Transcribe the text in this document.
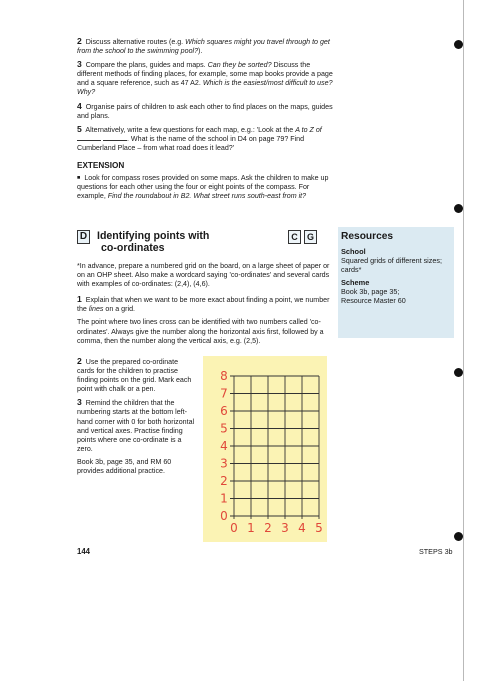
2 Discuss alternative routes (e.g. Which squares might you travel through to get from the school to the swimming pool?).
3 Compare the plans, guides and maps. Can they be sorted? Discuss the different methods of finding places, for example, some map books provide a page and a square reference, such as 47 A2. Which is the easiest/most difficult to use? Why?
4 Organise pairs of children to ask each other to find places on the maps, guides and plans.
5 Alternatively, write a few questions for each map, e.g.: 'Look at the A to Z of  . What is the name of the school in D4 on page 79? Find Cumberland Place – from what road does it lead?'
EXTENSION
■ Look for compass roses provided on some maps. Ask the children to make up questions for each other using the four or eight points of the compass. For example, Find the roundabout in B2. What street runs south-east from it?
D Identifying points with
co-ordinates
C	G
*In advance, prepare a numbered grid on the board, on a large sheet of paper or on an OHP sheet. Also make a wordcard saying 'co-ordinates' and several cards with examples of co-ordinates: (2,4), (4,6).
1 Explain that when we want to be more exact about finding a point, we number the lines on a grid.
The point where two lines cross can be identified with two numbers called 'co-ordinates'. Always give the number along the horizontal axis first, followed by a comma, then the number along the vertical axis, e.g. (2,5).
2 Use the prepared co-ordinate cards for the children to practise finding points on the grid. Mark each point with chalk or a pen.
3 Remind the children that the numbering starts at the bottom left-hand corner with 0 for both horizontal and vertical axes. Practise finding points where one co-ordinate is a zero.
Book 3b, page 35, and RM 60 provides additional practice.
0
1
2
3
4
5
6
7
8
0 1 2 3 4 5
Resources
School
Squared grids of different sizes; cards*
Scheme
Book 3b, page 35;
Resource Master 60
144	STEPS 3b
